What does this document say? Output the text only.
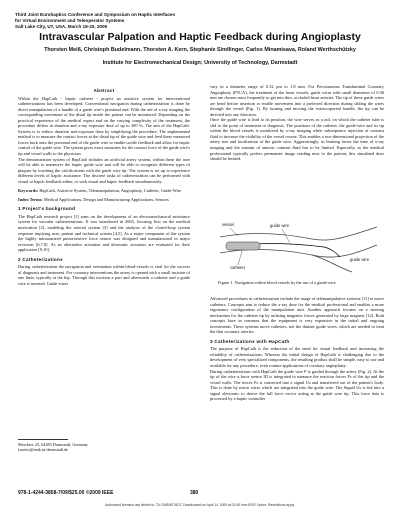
Third Joint Eurohaptics Conference and Symposium on Haptic Interfaces
for Virtual Environment and Teleoperator Systems
Salt Lake City, UT, USA, March 18-20, 2009
Intravascular Palpation and Haptic Feedback during Angioplasty
Thorsten Meiß, Christoph Budelmann, Thorsten A. Kern, Stephanie Sindlinger, Carlos Minamisava, Roland Werthschützky
Institute for Electromechanical Design; University of Technology, Darmstadt
Abstract

Within the HapCath - haptic catheter - project an assistive system for interventional catheterizations has been developed. Conventional navigation during catheterization is done by direct manipulation of a handle of a guide wire's proximal end. With the aid of x-ray imaging the corresponding movement of the distal tip inside the patient can be monitored. Depending on the practical experience of the medical expert and on the varying complexity of the treatment, the procedure differs in duration and x-ray exposure dose of up to 300 %. The aim of the HapCath-System is to reduce duration and exposure dose by simplifying the procedure. The implemented method is to measure the contact forces at the distal tip of the guide wire and feed these measured forces back onto the proximal end of the guide wire to enable tactile feedback and allow for haptic control of the guide wire. The system gives exact measures for the contact force of the guide wire's tip and vessel walls to the physician.

The demonstration system of HapCath includes an artificial artery system, within these the user will be able to maneuver the haptic guide wire and will be able to recognize different types of plaques by touching the calcifications with the guide wire tip. The system is set up to experience different levels of haptic assistance. The discrete tasks of catheterization can be performed with visual or haptic feedback either, or with visual and haptic feedback simultaneously.

Keywords: HapCath, Assistive System, Telemanipulation, Angioplasty, Catheter, Guide-Wire

Index Terms: Medical Applications; Design and Manufacturing Applications; Sensors

1 Project's background

The HapCath research project [1] aims on the development of an electromechanical assistance system for vascular catheterizations. It was introduced in 2003, focusing first on the medical motivation [2], modeling the arterial system [3] and the analysis of the closed-loop system response implying user, patient and technical system [4,5]. As a major component of the system the highly miniaturized piezoresistive force sensor was designed and manufactured in major revisions [6,7,8]. As an alternative actuation and ultrasonic actuators are evaluated for their application [9,10].

2 Catheterizations

During catheterization the navigation and orientation within blood-vessels is vital for the success of diagnosis and treatment. For coronary interventions the artery is opened with a small incision of one limb, typically at the hip. Through this incision a port and afterwards a catheter and a guide wire is inserted. Guide-wires

Merckstr. 25, 64283 Darmstadt, Germany
t.meiss@emk.tu-darmstadt.de

vary in a diameter range of 0.32 µm to 1.8 mm. For Percutaneous Transluminal Coronary Angioplasty (PTCA), the treatment of the heart vessels, guide wires with small diameters of 0.36 mm are chosen most frequently to get into thin, occluded heart arteries. The tip of these guide wires are bend before insertion to enable movement into a preferred direction during sliding the wires through the vessel (Fig. 1). By turning and moving the extracorporeal handle, the tip can be directed into any direction.

Once the guide wire is lead to its position, the wire serves as a rail, on which the catheter tube is slid to the point of treatment or diagnosis. The positions of the catheter, the guide-wire and its tip within the blood vessels is monitored by x-ray imaging while subsequence injection of contrast fluid to increase the visibility of the vessel course. This enables a two-dimensional projection of the artery tree and localization of the guide wire. Aggravatingly, as limiting factor the time of x-ray imaging and the amount of anionic contrast fluid has to be limited. Especially, as the medical professional typically prefers permanent image reading next to the patient, this simulated dose should be limited.

vessel	guide wire
guide wire
catheter
Figure 1. Navigation within blood vessels by the use of a guide-wire

Advanced procedures in catheterization include the usage of telemanipulative systems [11] to move catheters. Concepts aim to reduce the x-ray dose for the medical professional and enables a more ergonomic configuration of the manipulation unit. Another approach focuses on a steering mechanism for the catheter tip by utilizing magnetic forces generated by large magnets [12]. Both concepts have in common that the equipment is very expensive in the initial and ongoing investments. These systems move catheters, not the thinner guide wires, which are needed to treat the thin coronary arteries.

3 Catheterizations with HapCath

The purpose of HapCath is the reduction of the need for visual feedback and increasing the reliability of catheterizations. Whereas the initial design of HapCath is challenging due to the development of very specialized components, the resulting product shall be simple, easy to use and available for any procedure, even routine applications of coronary angioplasty.

During catheterizations with HapCath the guide wire F is guided through the artery (Fig. 2). At the tip of the wire a force sensor III is integrated to measure the reaction forces Fs of the tip and the vessel walls. The forces Fs is converted into a signal Us and transferred out of the patient's body. This is done by micro wires which are integrated into the guide wire. The Signal Us is fed into a signal electronic to derive the full force vector acting at the guide wire tip. This force data is processed by a haptic controller

978-1-4244-3858-7/09/$25.00 ©2009 IEEE	380
Authorized licensed use limited to: TU DARMSTADT. Downloaded on April 14, 2009 at 02:06 from IEEE Xplore. Restrictions apply.
